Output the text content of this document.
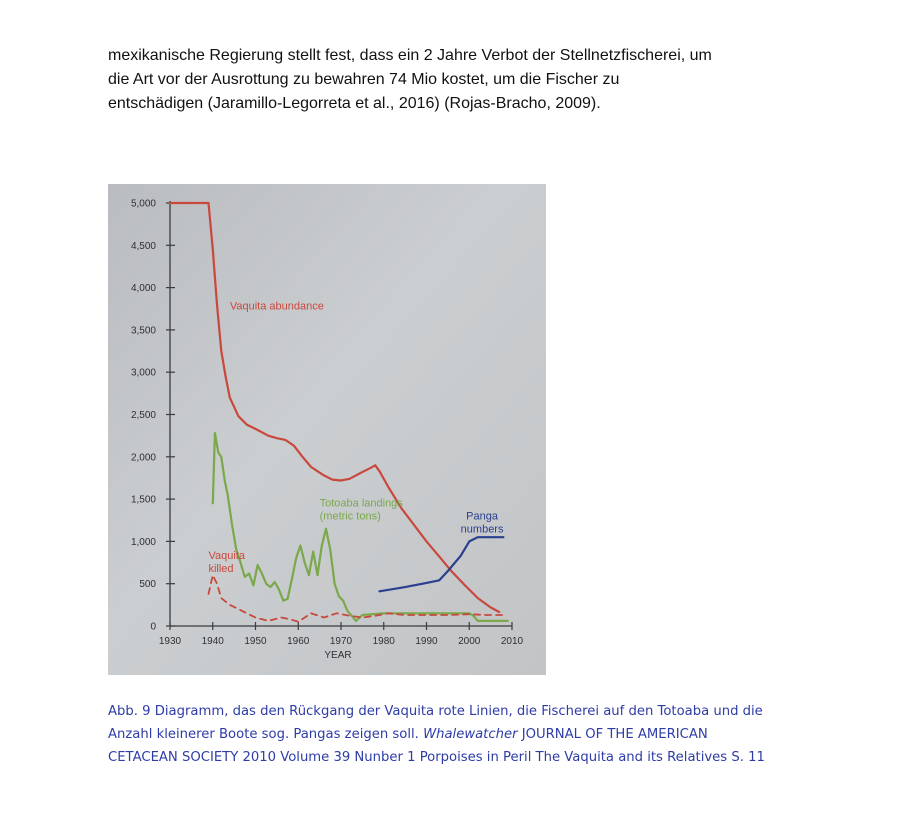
mexikanische Regierung stellt fest, dass ein 2 Jahre Verbot der Stellnetzfischerei, um
die Art vor der Ausrottung zu bewahren 74 Mio kostet, um die Fischer zu
entschädigen (Jaramillo-Legorreta et al., 2016) (Rojas-Bracho, 2009).

0
500
1,000
1,500
2,000
2,500
3,000
3,500
4,000
4,500
5,000
1930 1940 1950 1960 1970 1980 1990 2000 2010
YEAR
Vaquita abundance
Totoaba landings (metric tons)
Vaquita killed
Panga numbers
Abb. 9 Diagramm, das den Rückgang der Vaquita rote Linien, die Fischerei auf den Totoaba und die
Anzahl kleinerer Boote sog. Pangas zeigen soll. Whalewatcher JOURNAL OF THE AMERICAN
CETACEAN SOCIETY 2010 Volume 39 Nunber 1 Porpoises in Peril The Vaquita and its Relatives S. 11
